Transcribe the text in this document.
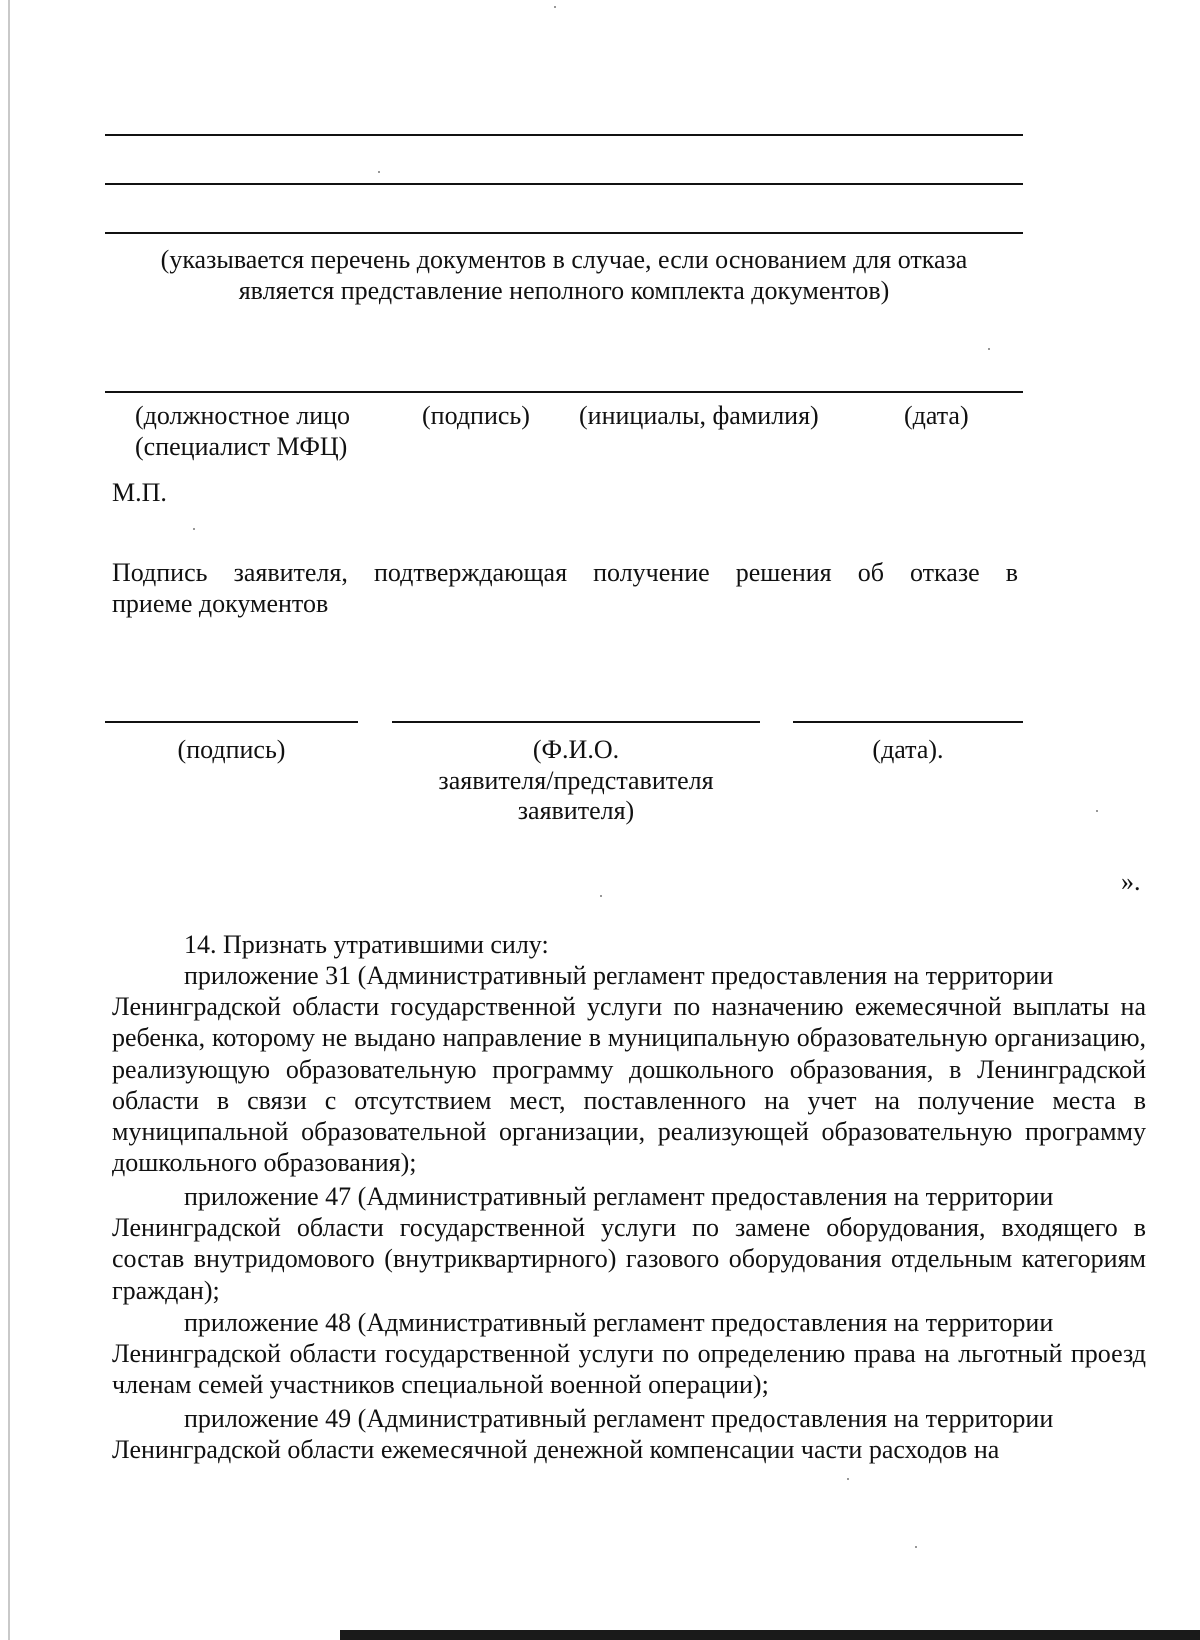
(указывается перечень документов в случае, если основанием для отказа
является представление неполного комплекта документов)
(должностное лицо
(специалист МФЦ)
(подпись) (инициалы, фамилия)	(дата)
М.П.
Подпись заявителя, подтверждающая получение решения об отказе в
приеме документов
(подпись)	(Ф.И.О.
заявителя/представителя
заявителя)
(дата).
».
14. Признать утратившими силу:
приложение 31 (Административный регламент предоставления на территории
Ленинградской области государственной услуги по назначению ежемесячной выплаты на ребенка, которому не выдано направление в муниципальную образовательную организацию, реализующую образовательную программу дошкольного образования, в Ленинградской области в связи с отсутствием мест, поставленного на учет на получение места в муниципальной образовательной организации, реализующей образовательную программу дошкольного образования);
приложение 47 (Административный регламент предоставления на территории
Ленинградской области государственной услуги по замене оборудования, входящего в состав внутридомового (внутриквартирного) газового оборудования отдельным категориям граждан);
приложение 48 (Административный регламент предоставления на территории
Ленинградской области государственной услуги по определению права на льготный проезд членам семей участников специальной военной операции);
приложение 49 (Административный регламент предоставления на территории
Ленинградской области ежемесячной денежной компенсации части расходов на
